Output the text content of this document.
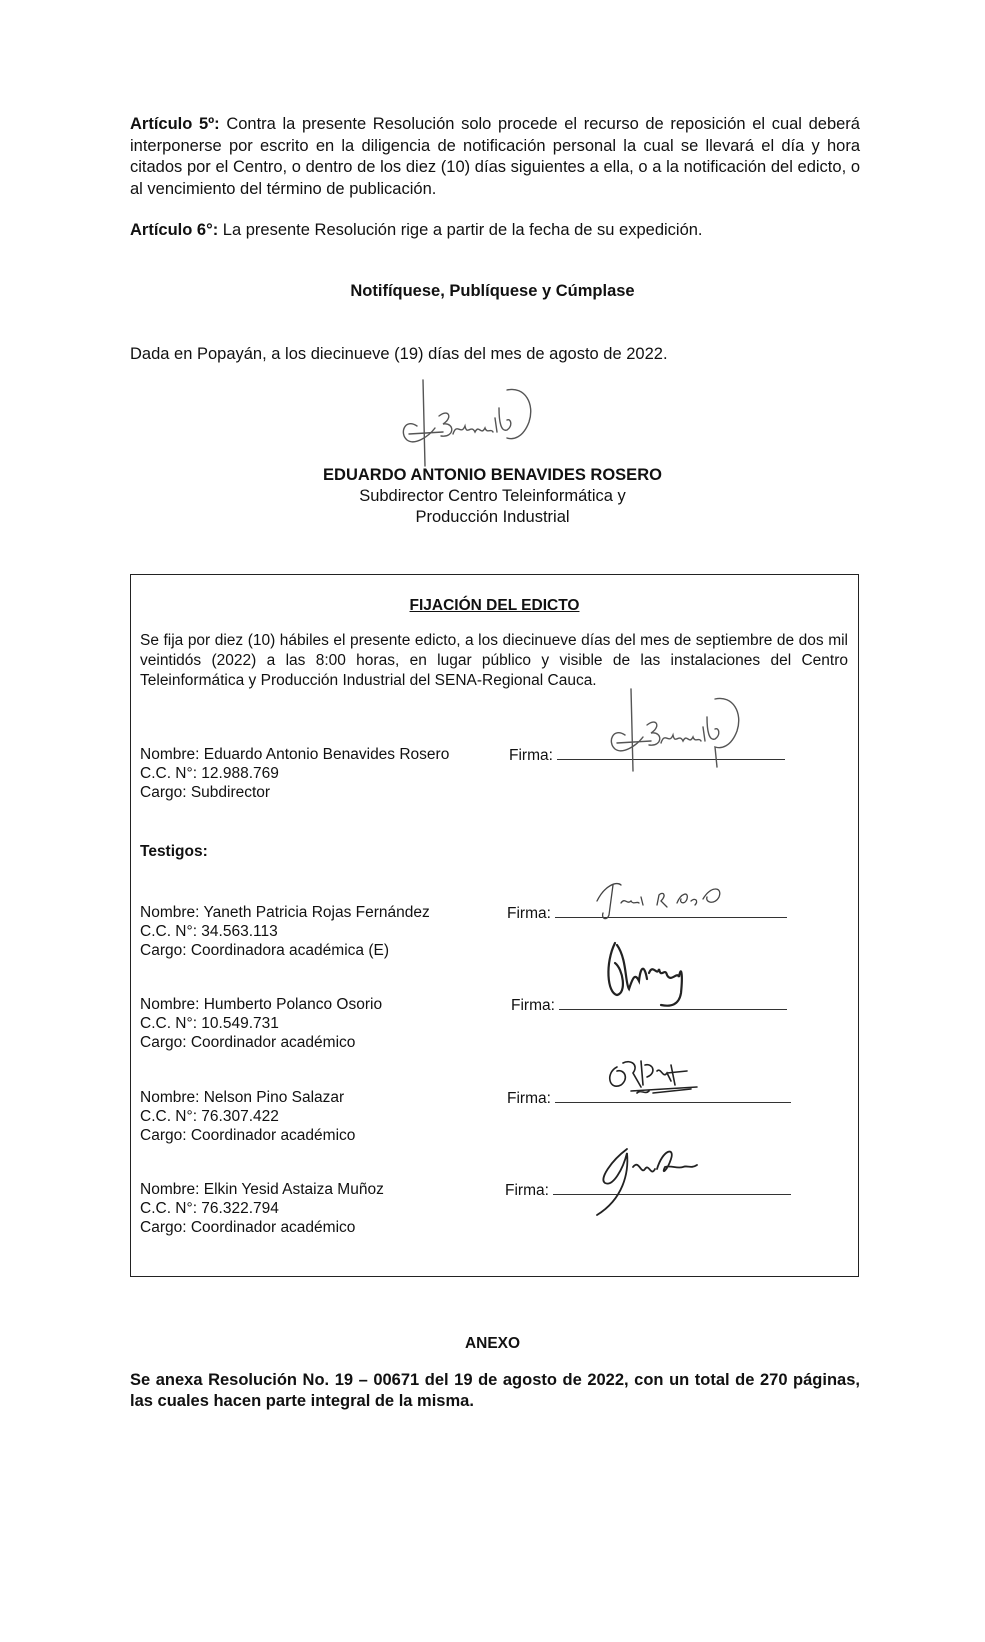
Artículo 5º: Contra la presente Resolución solo procede el recurso de reposición el cual deberá interponerse por escrito en la diligencia de notificación personal la cual se llevará el día y hora citados por el Centro, o dentro de los diez (10) días siguientes a ella, o a la notificación del edicto, o al vencimiento del término de publicación.
Artículo 6°: La presente Resolución rige a partir de la fecha de su expedición.
Notifíquese, Publíquese y Cúmplase
Dada en Popayán, a los diecinueve (19) días del mes de agosto de 2022.
EDUARDO ANTONIO BENAVIDES ROSERO
Subdirector Centro Teleinformática y
Producción Industrial
FIJACIÓN DEL EDICTO
Se fija por diez (10) hábiles el presente edicto, a los diecinueve días del mes de septiembre de dos mil veintidós (2022) a las 8:00 horas, en lugar público y visible de las instalaciones del Centro Teleinformática y Producción Industrial del SENA-Regional Cauca.
Nombre: Eduardo Antonio Benavides Rosero
C.C. N°: 12.988.769
Cargo: Subdirector
Firma:
Testigos:
Nombre: Yaneth Patricia Rojas Fernández
C.C. N°: 34.563.113
Cargo: Coordinadora académica (E)
Firma:
Nombre: Humberto Polanco Osorio
C.C. N°: 10.549.731
Cargo: Coordinador académico
Firma:
Nombre: Nelson Pino Salazar
C.C. N°: 76.307.422
Cargo: Coordinador académico
Firma:
Nombre: Elkin Yesid Astaiza Muñoz
C.C. N°: 76.322.794
Cargo: Coordinador académico
Firma:
ANEXO
Se anexa Resolución No. 19 – 00671 del 19 de agosto de 2022, con un total de 270 páginas, las cuales hacen parte integral de la misma.
